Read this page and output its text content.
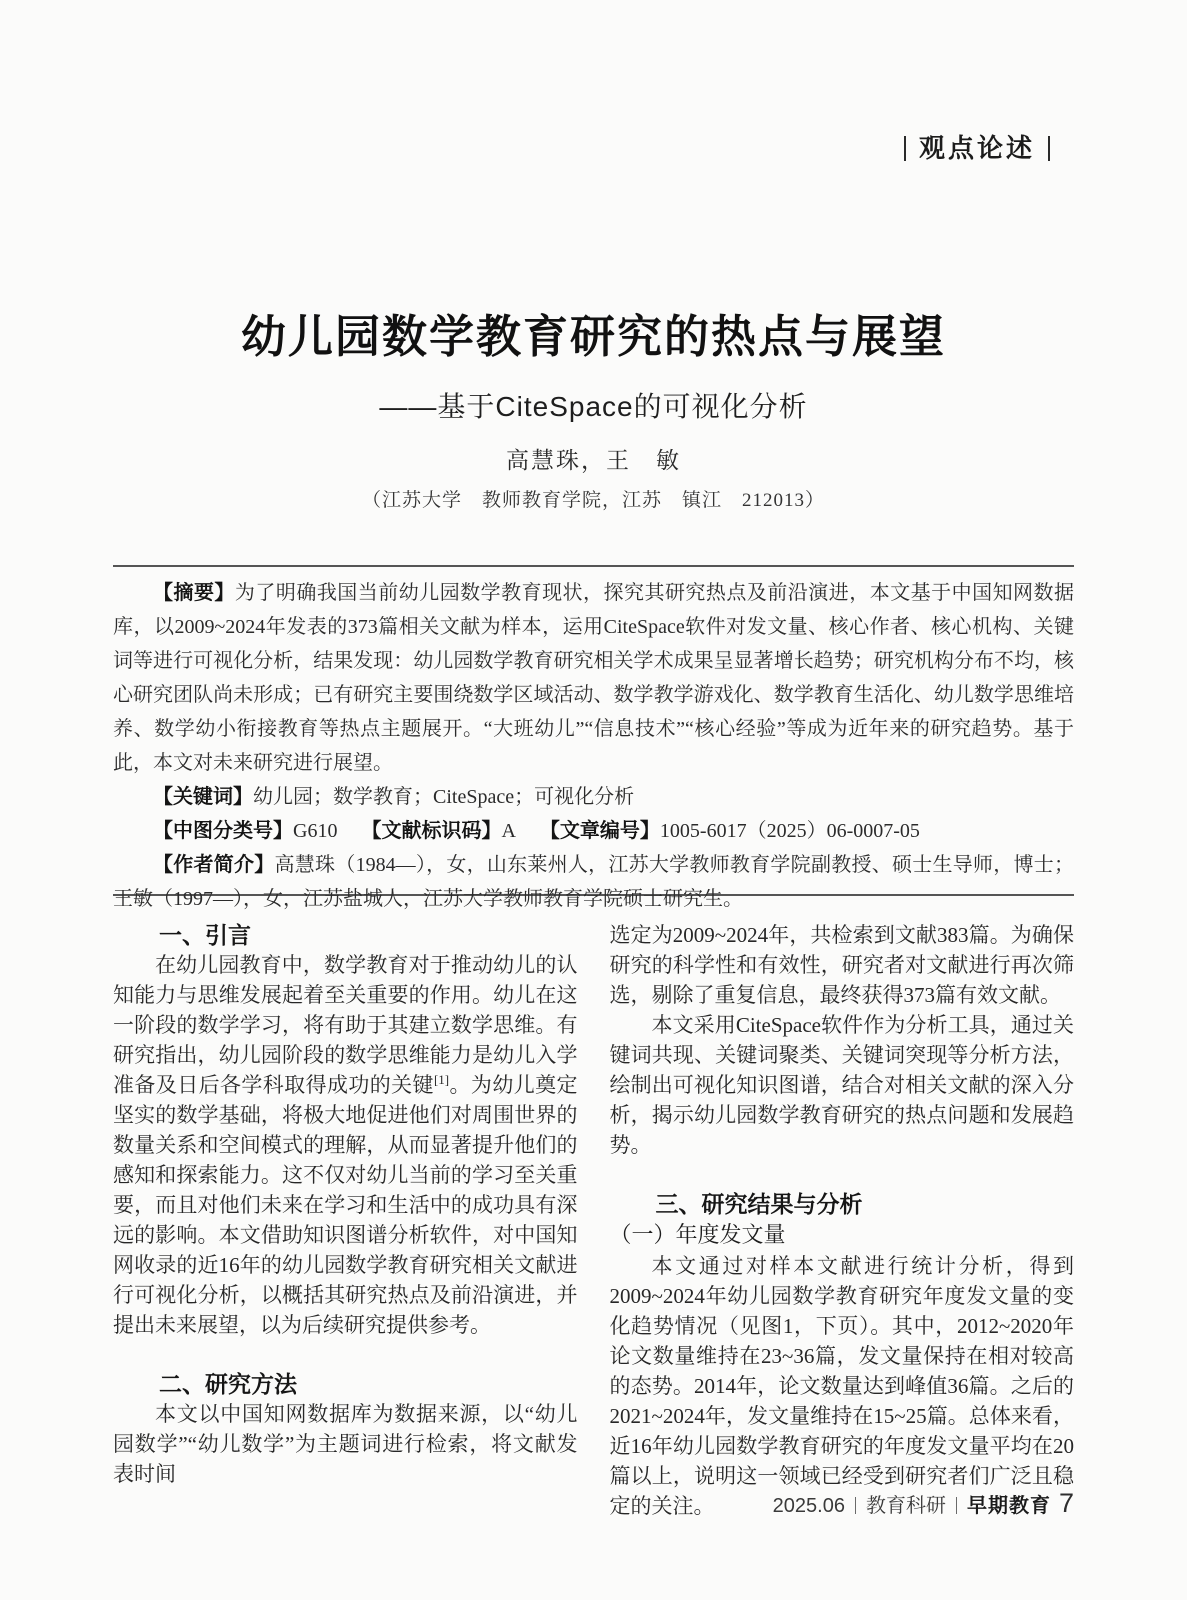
观点论述
幼儿园数学教育研究的热点与展望
——基于CiteSpace的可视化分析
高慧珠，王　敏
（江苏大学　教师教育学院，江苏　镇江　212013）

【摘要】为了明确我国当前幼儿园数学教育现状，探究其研究热点及前沿演进，本文基于中国知网数据库，以2009~2024年发表的373篇相关文献为样本，运用CiteSpace软件对发文量、核心作者、核心机构、关键词等进行可视化分析，结果发现：幼儿园数学教育研究相关学术成果呈显著增长趋势；研究机构分布不均，核心研究团队尚未形成；已有研究主要围绕数学区域活动、数学教学游戏化、数学教育生活化、幼儿数学思维培养、数学幼小衔接教育等热点主题展开。“大班幼儿”“信息技术”“核心经验”等成为近年来的研究趋势。基于此，本文对未来研究进行展望。

【关键词】幼儿园；数学教育；CiteSpace；可视化分析

【中图分类号】G610 【文献标识码】A 【文章编号】1005-6017（2025）06-0007-05

【作者简介】高慧珠（1984—），女，山东莱州人，江苏大学教师教育学院副教授、硕士生导师，博士；王敏（1997—），女，江苏盐城人，江苏大学教师教育学院硕士研究生。

一、引言

在幼儿园教育中，数学教育对于推动幼儿的认知能力与思维发展起着至关重要的作用。幼儿在这一阶段的数学学习，将有助于其建立数学思维。有研究指出，幼儿园阶段的数学思维能力是幼儿入学准备及日后各学科取得成功的关键[1]。为幼儿奠定坚实的数学基础，将极大地促进他们对周围世界的数量关系和空间模式的理解，从而显著提升他们的感知和探索能力。这不仅对幼儿当前的学习至关重要，而且对他们未来在学习和生活中的成功具有深远的影响。本文借助知识图谱分析软件，对中国知网收录的近16年的幼儿园数学教育研究相关文献进行可视化分析，以概括其研究热点及前沿演进，并提出未来展望，以为后续研究提供参考。

二、研究方法

本文以中国知网数据库为数据来源，以“幼儿园数学”“幼儿数学”为主题词进行检索，将文献发表时间

选定为2009~2024年，共检索到文献383篇。为确保研究的科学性和有效性，研究者对文献进行再次筛选，剔除了重复信息，最终获得373篇有效文献。

本文采用CiteSpace软件作为分析工具，通过关键词共现、关键词聚类、关键词突现等分析方法，绘制出可视化知识图谱，结合对相关文献的深入分析，揭示幼儿园数学教育研究的热点问题和发展趋势。

三、研究结果与分析
（一）年度发文量

本文通过对样本文献进行统计分析，得到2009~2024年幼儿园数学教育研究年度发文量的变化趋势情况（见图1，下页）。其中，2012~2020年论文数量维持在23~36篇，发文量保持在相对较高的态势。2014年，论文数量达到峰值36篇。之后的2021~2024年，发文量维持在15~25篇。总体来看，近16年幼儿园数学教育研究的年度发文量平均在20篇以上，说明这一领域已经受到研究者们广泛且稳定的关注。	2025.06 教育科研 早期教育 7
